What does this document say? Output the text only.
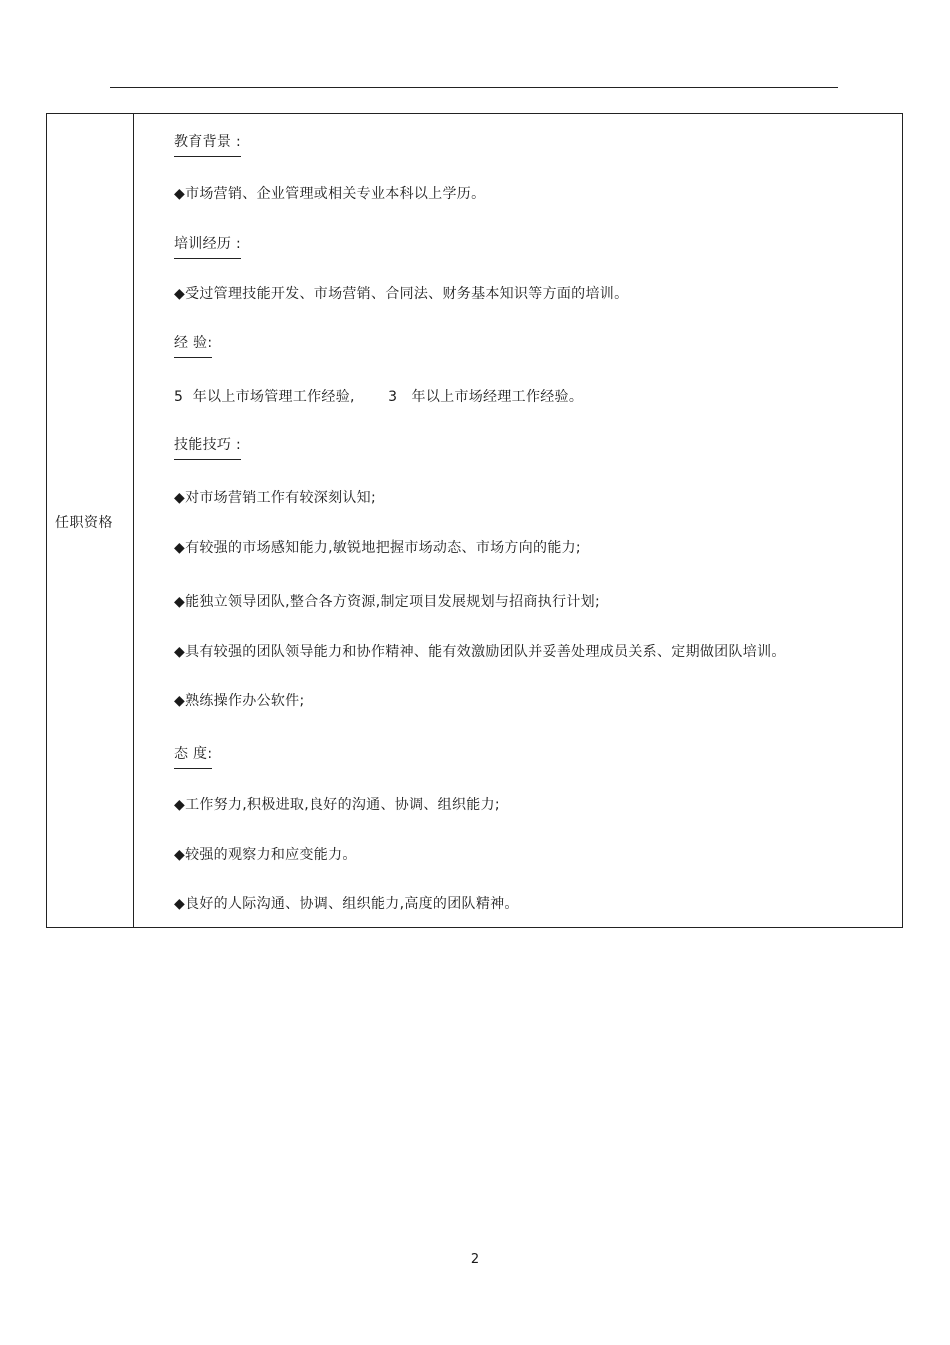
任职资格
教育背景 :
◆市场营销、企业管理或相关专业本科以上学历。
培训经历 :
◆受过管理技能开发、市场营销、合同法、财务基本知识等方面的培训。
经 验:
5 年以上市场管理工作经验, 3 年以上市场经理工作经验。
技能技巧 :
◆对市场营销工作有较深刻认知;
◆有较强的市场感知能力,敏锐地把握市场动态、市场方向的能力;
◆能独立领导团队,整合各方资源,制定项目发展规划与招商执行计划;
◆具有较强的团队领导能力和协作精神、能有效激励团队并妥善处理成员关系、定期做团队培训。
◆熟练操作办公软件;
态 度:
◆工作努力,积极进取,良好的沟通、协调、组织能力;
◆较强的观察力和应变能力。
◆良好的人际沟通、协调、组织能力,高度的团队精神。
2
